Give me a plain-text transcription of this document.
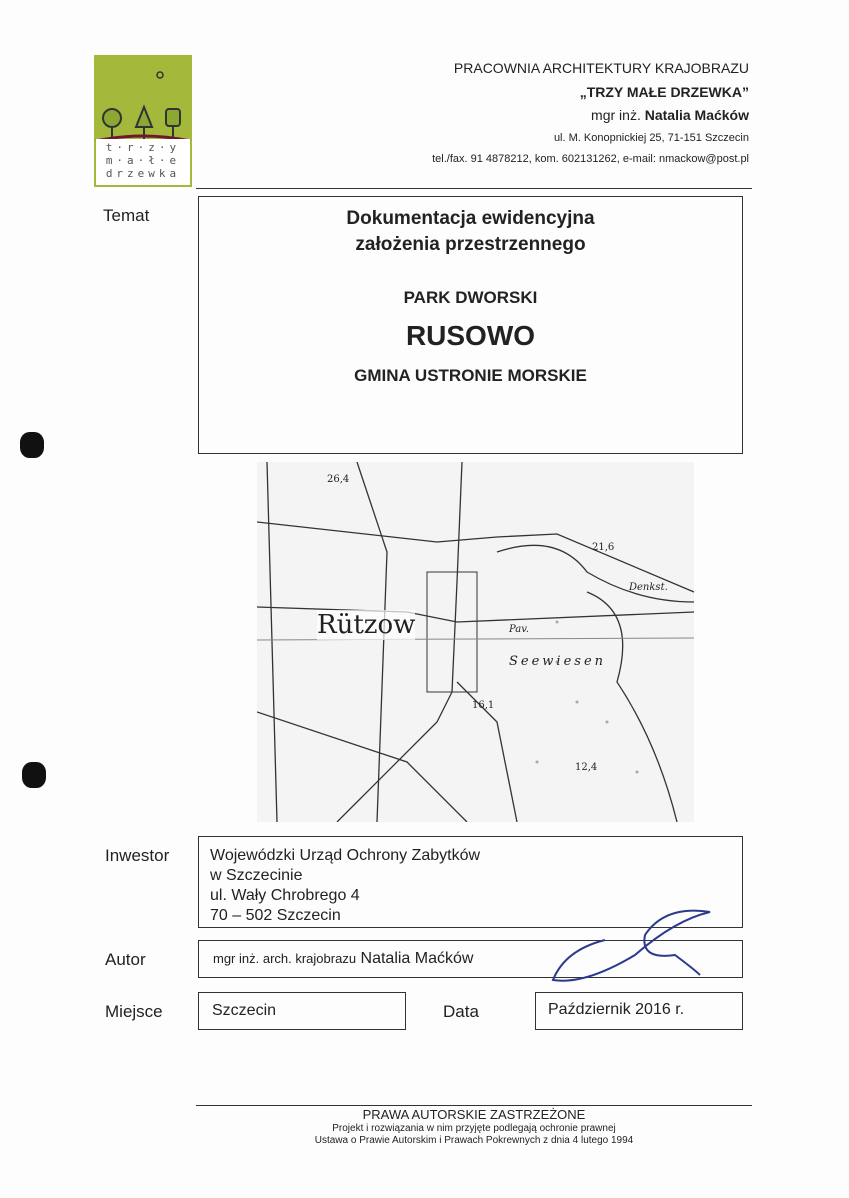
t·r·z·y
m·a·ł·e
drzewka
PRACOWNIA ARCHITEKTURY KRAJOBRAZU
„TRZY MAŁE DRZEWKA”
mgr inż. Natalia Maćków
ul. M. Konopnickiej 25, 71-151 Szczecin
tel./fax. 91 4878212, kom. 602131262, e-mail: nmackow@post.pl
Temat	Dokumentacja ewidencyjna
założenia przestrzennego
PARK DWORSKI
RUSOWO
GMINA USTRONIE MORSKIE
26,4
Rützow	Pav.
Seewiesen
16,1
Denkst.
21,6
12,4
Inwestor	Wojewódzki Urząd Ochrony Zabytków
w Szczecinie
ul. Wały Chrobrego 4
70 – 502 Szczecin
Autor	mgr inż. arch. krajobrazu Natalia Maćków
Miejsce	Szczecin	Data	Październik 2016 r.
PRAWA AUTORSKIE ZASTRZEŻONE
Projekt i rozwiązania w nim przyjęte podlegają ochronie prawnej
Ustawa o Prawie Autorskim i Prawach Pokrewnych z dnia 4 lutego 1994
